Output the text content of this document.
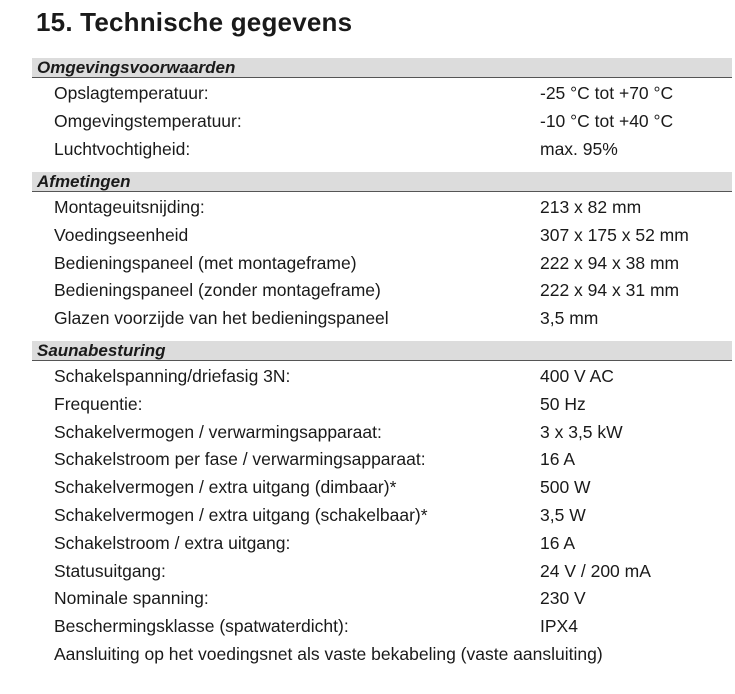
15. Technische gegevens
Omgevingsvoorwaarden
Opslagtemperatuur:	-25 °C tot +70 °C
Omgevingstemperatuur:	-10 °C tot +40 °C
Luchtvochtigheid:	max. 95%
Afmetingen
Montageuitsnijding:	213 x 82 mm
Voedingseenheid	307 x 175 x 52 mm
Bedieningspaneel (met montageframe)	222 x 94 x 38 mm
Bedieningspaneel (zonder montageframe)	222 x 94 x 31 mm
Glazen voorzijde van het bedieningspaneel	3,5 mm
Saunabesturing
Schakelspanning/driefasig 3N:	400 V AC
Frequentie:	50 Hz
Schakelvermogen / verwarmingsapparaat:	3 x 3,5 kW
Schakelstroom per fase / verwarmingsapparaat:	16 A
Schakelvermogen / extra uitgang (dimbaar)*	500 W
Schakelvermogen / extra uitgang (schakelbaar)*	3,5 W
Schakelstroom / extra uitgang:	16 A
Statusuitgang:	24 V / 200 mA
Nominale spanning:	230 V
Beschermingsklasse (spatwaterdicht):	IPX4
Aansluiting op het voedingsnet als vaste bekabeling (vaste aansluiting)
